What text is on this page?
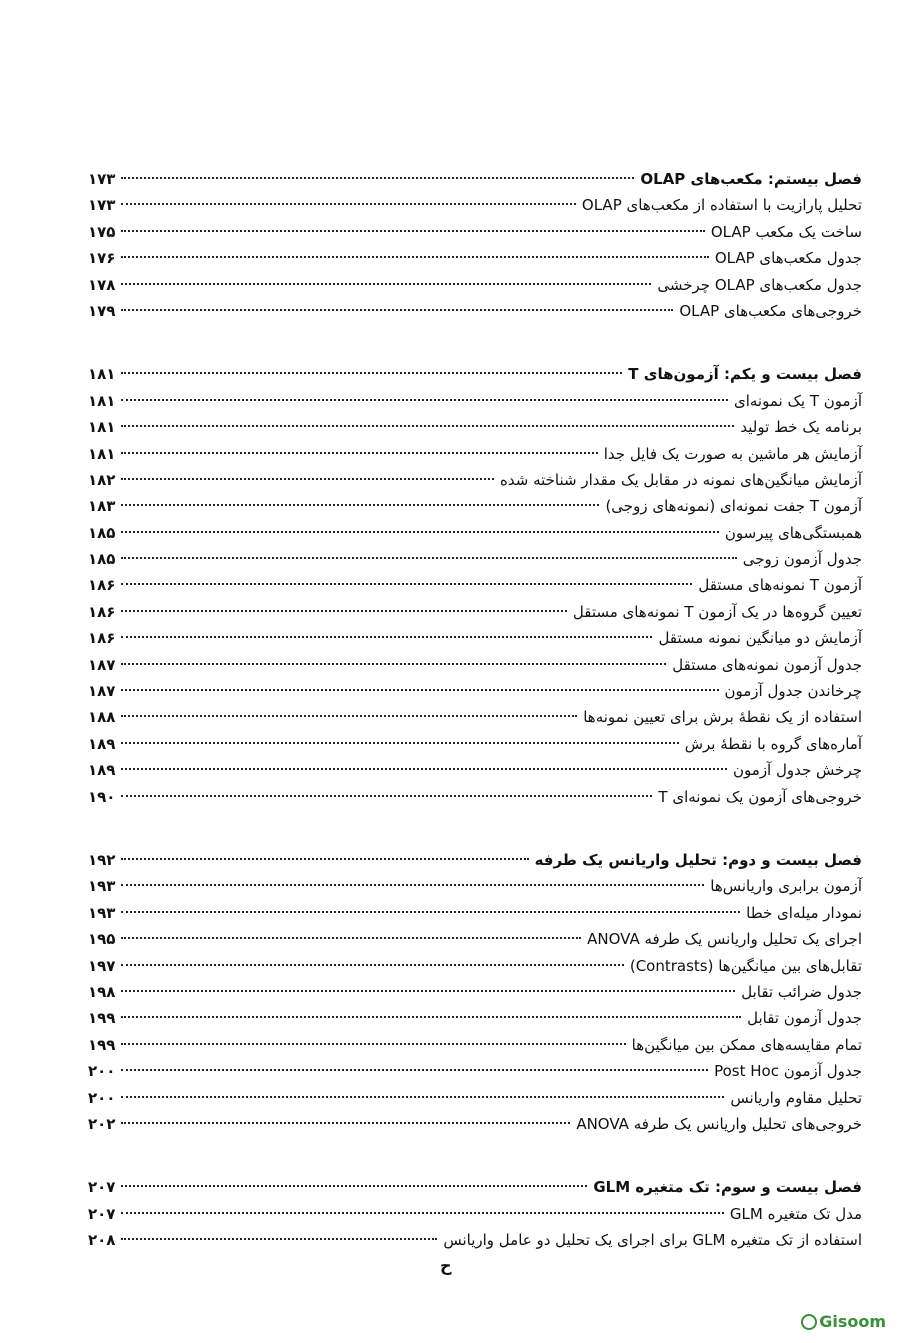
فصل بیستم: مکعب‌های OLAP
۱۷۳
تحلیل پارازیت با استفاده از مکعب‌های OLAP
۱۷۳
ساخت یک مکعب OLAP
۱۷۵
جدول مکعب‌های OLAP
۱۷۶
جدول مکعب‌های OLAP چرخشی
۱۷۸
خروجی‌های مکعب‌های OLAP
۱۷۹
فصل بیست و یکم: آزمون‌های T
۱۸۱
آزمون T یک نمونه‌ای
۱۸۱
برنامه یک خط تولید
۱۸۱
آزمایش هر ماشین به صورت یک فایل جدا
۱۸۱
آزمایش میانگین‌های نمونه در مقابل یک مقدار شناخته شده
۱۸۲
آزمون T جفت نمونه‌ای (نمونه‌های زوجی)
۱۸۳
همبستگی‌های پیرسون
۱۸۵
جدول آزمون زوجی
۱۸۵
آزمون T نمونه‌های مستقل
۱۸۶
تعیین گروه‌ها در یک آزمون T نمونه‌های مستقل
۱۸۶
آزمایش دو میانگین نمونه مستقل
۱۸۶
جدول آزمون نمونه‌های مستقل
۱۸۷
چرخاندن جدول آزمون
۱۸۷
استفاده از یک نقطهٔ برش برای تعیین نمونه‌ها
۱۸۸
آماره‌های گروه با نقطهٔ برش
۱۸۹
چرخش جدول آزمون
۱۸۹
خروجی‌های آزمون یک نمونه‌ای T
۱۹۰
فصل بیست و دوم: تحلیل واریانس یک طرفه
۱۹۲
آزمون برابری واریانس‌ها
۱۹۳
نمودار میله‌ای خطا
۱۹۳
اجرای یک تحلیل واریانس یک طرفه ANOVA
۱۹۵
تقابل‌های بین میانگین‌ها (Contrasts)
۱۹۷
جدول ضرائب تقابل
۱۹۸
جدول آزمون تقابل
۱۹۹
تمام مقایسه‌های ممکن بین میانگین‌ها
۱۹۹
جدول آزمون Post Hoc
۲۰۰
تحلیل مقاوم واریانس
۲۰۰
خروجی‌های تحلیل واریانس یک طرفه ANOVA
۲۰۲
فصل بیست و سوم: تک متغیره GLM
۲۰۷
مدل تک متغیره GLM
۲۰۷
استفاده از تک متغیره GLM برای اجرای یک تحلیل دو عامل واریانس
۲۰۸
ح
Gisoom
